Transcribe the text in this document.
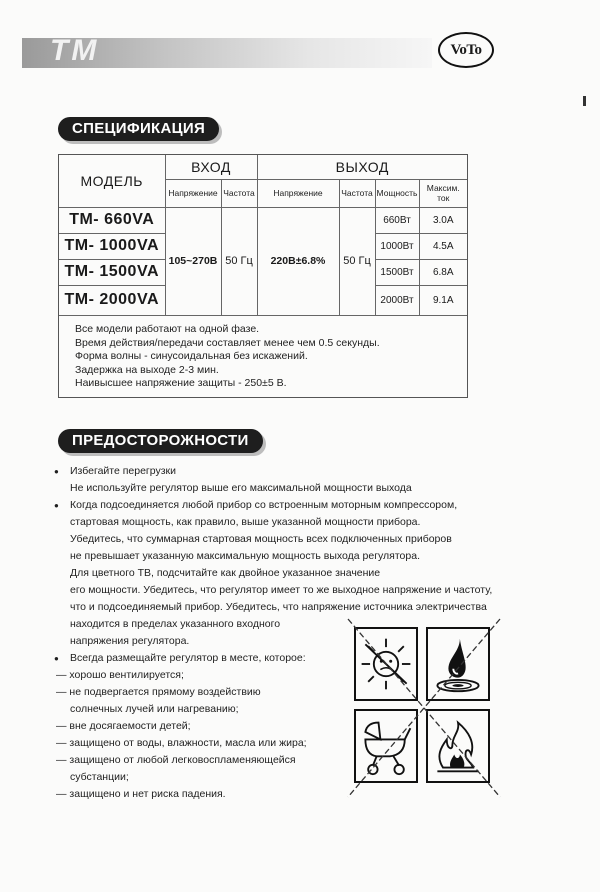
TM	VoTo
СПЕЦИФИКАЦИЯ
МОДЕЛЬ	ВХОД		ВЫХОД			
	Напряжение	Частота	Напряжение	Частота	Мощность	Максим. ток
TM- 660VA	105~270В	50 Гц	220В±6.8%	50 Гц	660Вт	3.0A
TM- 1000VA					1000Вт	4.5A
TM- 1500VA					1500Вт	6.8A
TM- 2000VA					2000Вт	9.1A
Все модели работают на одной фазе.
Время действия/передачи составляет менее чем 0.5 секунды.
Форма волны - синусоидальная без искажений.
Задержка на выходе 2-3 мин.
Наивысшее напряжение защиты - 250±5 В.
ПРЕДОСТОРОЖНОСТИ
● Избегайте перегрузки
Не используйте регулятор выше его максимальной мощности выхода
● Когда подсоединяется любой прибор со встроенным моторным компрессором,
стартовая мощность, как правило, выше указанной мощности прибора.
Убедитесь, что суммарная стартовая мощность всех подключенных приборов
не превышает указанную максимальную мощность выхода регулятора.
Для цветного ТВ, подсчитайте как двойное указанное значение
его мощности. Убедитесь, что регулятор имеет то же выходное напряжение и частоту,
что и подсоединяемый прибор. Убедитесь, что напряжение источника электричества
находится в пределах указанного входного
напряжения регулятора.
● Всегда размещайте регулятор в месте, которое:
— хорошо вентилируется;
— не подвергается прямому воздействию
солнечных лучей или нагреванию;
— вне досягаемости детей;
— защищено от воды, влажности, масла или жира;
— защищено от любой легковоспламеняющейся
субстанции;
— защищено и нет риска падения.
